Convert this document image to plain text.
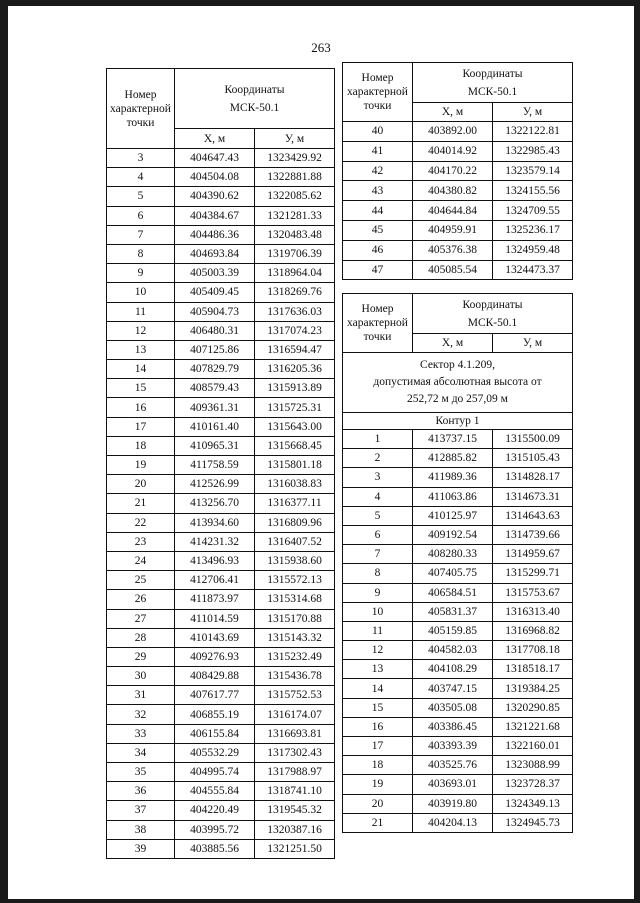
263
Номер
характерной
точки	Координаты
МСК-50.1	
	X, м	У, м
3	404647.43	1323429.92
4	404504.08	1322881.88
5	404390.62	1322085.62
6	404384.67	1321281.33
7	404486.36	1320483.48
8	404693.84	1319706.39
9	405003.39	1318964.04
10	405409.45	1318269.76
11	405904.73	1317636.03
12	406480.31	1317074.23
13	407125.86	1316594.47
14	407829.79	1316205.36
15	408579.43	1315913.89
16	409361.31	1315725.31
17	410161.40	1315643.00
18	410965.31	1315668.45
19	411758.59	1315801.18
20	412526.99	1316038.83
21	413256.70	1316377.11
22	413934.60	1316809.96
23	414231.32	1316407.52
24	413496.93	1315938.60
25	412706.41	1315572.13
26	411873.97	1315314.68
27	411014.59	1315170.88
28	410143.69	1315143.32
29	409276.93	1315232.49
30	408429.88	1315436.78
31	407617.77	1315752.53
32	406855.19	1316174.07
33	406155.84	1316693.81
34	405532.29	1317302.43
35	404995.74	1317988.97
36	404555.84	1318741.10
37	404220.49	1319545.32
38	403995.72	1320387.16
39	403885.56	1321251.50
Номер
характерной
точки	Координаты
МСК-50.1	
	X, м	У, м
40	403892.00	1322122.81
41	404014.92	1322985.43
42	404170.22	1323579.14
43	404380.82	1324155.56
44	404644.84	1324709.55
45	404959.91	1325236.17
46	405376.38	1324959.48
47	405085.54	1324473.37
Номер
характерной
точки	Координаты
МСК-50.1	
	X, м	У, м
Сектор 4.1.209,
допустимая абсолютная высота от
252,72 м до 257,09 м		
Контур 1		
1	413737.15	1315500.09
2	412885.82	1315105.43
3	411989.36	1314828.17
4	411063.86	1314673.31
5	410125.97	1314643.63
6	409192.54	1314739.66
7	408280.33	1314959.67
8	407405.75	1315299.71
9	406584.51	1315753.67
10	405831.37	1316313.40
11	405159.85	1316968.82
12	404582.03	1317708.18
13	404108.29	1318518.17
14	403747.15	1319384.25
15	403505.08	1320290.85
16	403386.45	1321221.68
17	403393.39	1322160.01
18	403525.76	1323088.99
19	403693.01	1323728.37
20	403919.80	1324349.13
21	404204.13	1324945.73
